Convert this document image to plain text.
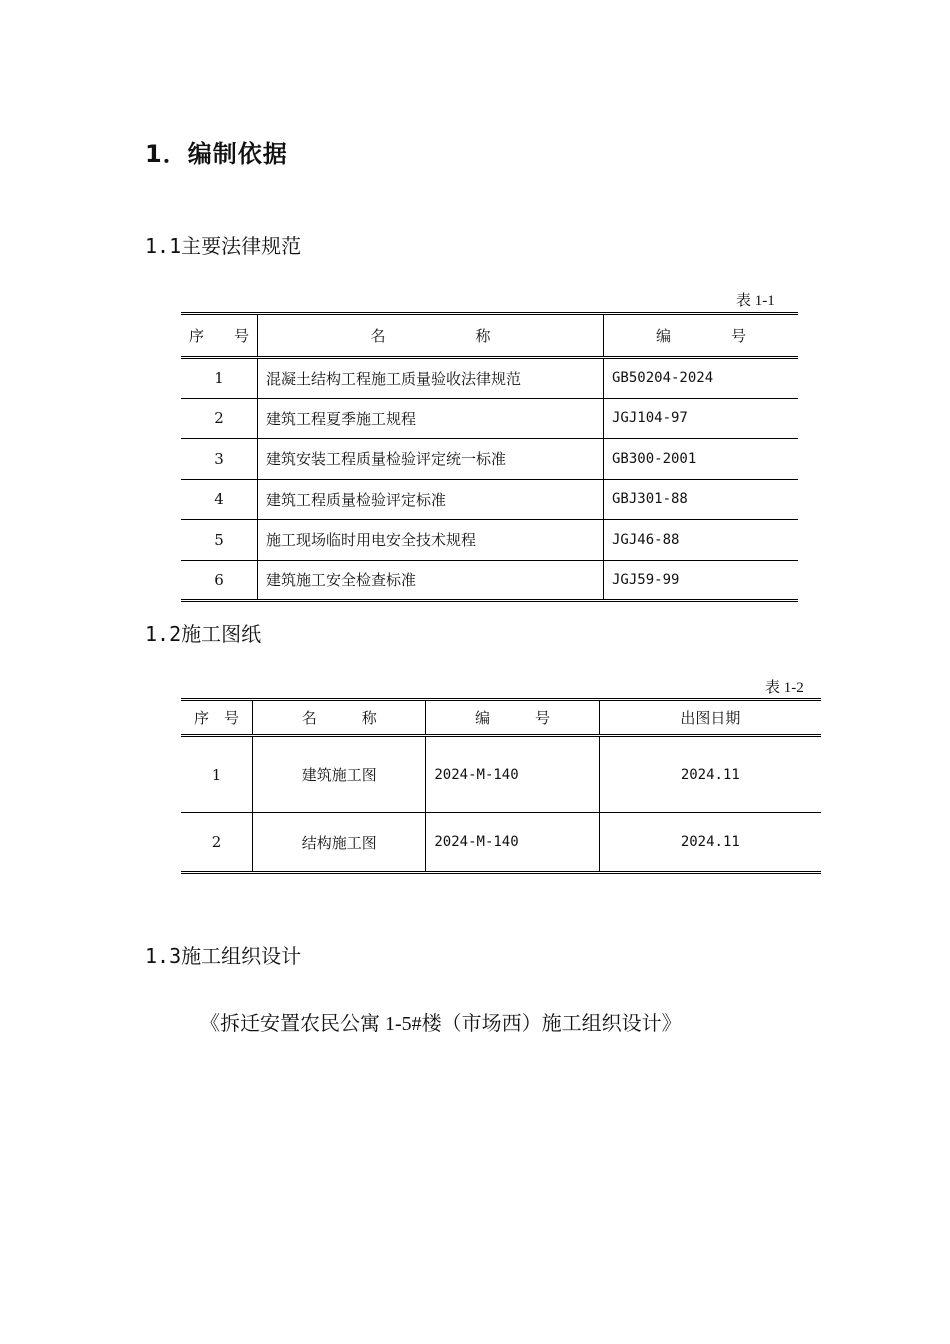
1．编制依据
1.1主要法律规范
表 1-1
序　　号	名　　　　　　称	编　　　　号
1	混凝土结构工程施工质量验收法律规范	GB50204-2024
2	建筑工程夏季施工规程	JGJ104-97
3	建筑安装工程质量检验评定统一标准	GB300-2001
4	建筑工程质量检验评定标准	GBJ301-88
5	施工现场临时用电安全技术规程	JGJ46-88
6	建筑施工安全检查标准	JGJ59-99
1.2施工图纸
表 1-2
序　号	名　　　称	编　　　号	出图日期
1	建筑施工图	2024-M-140	2024.11
2	结构施工图	2024-M-140	2024.11
1.3施工组织设计
《拆迁安置农民公寓 1-5#楼（市场西）施工组织设计》
